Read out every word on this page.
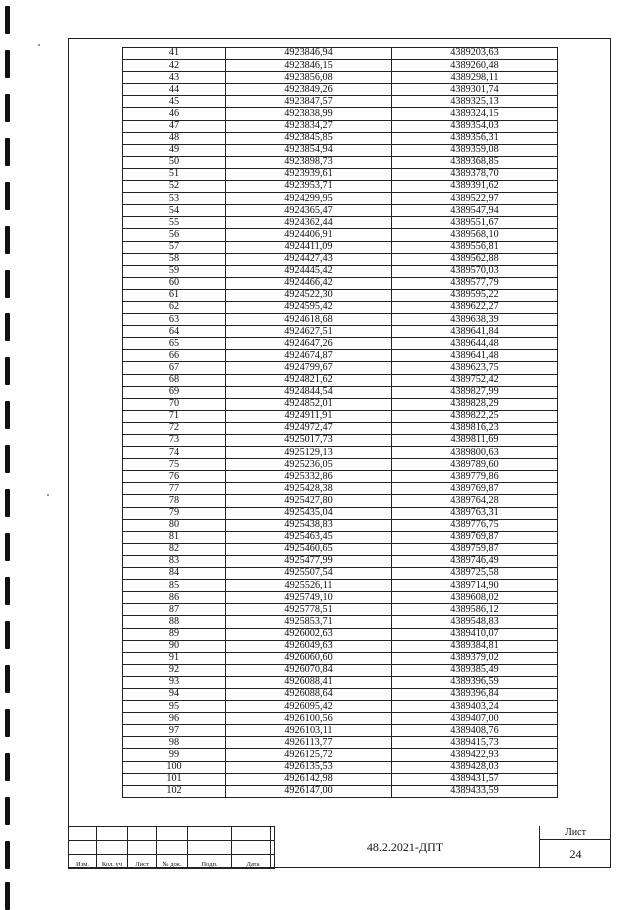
41	4923846,94	4389203,63
42	4923846,15	4389260,48
43	4923856,08	4389298,11
44	4923849,26	4389301,74
45	4923847,57	4389325,13
46	4923838,99	4389324,15
47	4923834,27	4389354,03
48	4923845,85	4389356,31
49	4923854,94	4389359,08
50	4923898,73	4389368,85
51	4923939,61	4389378,70
52	4923953,71	4389391,62
53	4924299,95	4389522,97
54	4924365,47	4389547,94
55	4924362,44	4389551,67
56	4924406,91	4389568,10
57	4924411,09	4389556,81
58	4924427,43	4389562,88
59	4924445,42	4389570,03
60	4924466,42	4389577,79
61	4924522,30	4389595,22
62	4924595,42	4389622,27
63	4924618,68	4389638,39
64	4924627,51	4389641,84
65	4924647,26	4389644,48
66	4924674,87	4389641,48
67	4924799,67	4389623,75
68	4924821,62	4389752,42
69	4924844,54	4389827,99
70	4924852,01	4389828,29
71	4924911,91	4389822,25
72	4924972,47	4389816,23
73	4925017,73	4389811,69
74	4925129,13	4389800,63
75	4925236,05	4389789,60
76	4925332,86	4389779,86
77	4925428,38	4389769,87
78	4925427,80	4389764,28
79	4925435,04	4389763,31
80	4925438,83	4389776,75
81	4925463,45	4389769,87
82	4925460,65	4389759,87
83	4925477,99	4389746,49
84	4925507,54	4389725,58
85	4925526,11	4389714,90
86	4925749,10	4389608,02
87	4925778,51	4389586,12
88	4925853,71	4389548,83
89	4926002,63	4389410,07
90	4926049,63	4389384,81
91	4926060,60	4389379,02
92	4926070,84	4389385,49
93	4926088,41	4389396,59
94	4926088,64	4389396,84
95	4926095,42	4389403,24
96	4926100,56	4389407,00
97	4926103,11	4389408,76
98	4926113,77	4389415,73
99	4926125,72	4389422,93
100	4926135,53	4389428,03
101	4926142,98	4389431,57
102	4926147,00	4389433,59

Изм.	Кол. уч	Лист	№ док.	Подп.	Дата
48.2.2021-ДПТ
Лист
24
